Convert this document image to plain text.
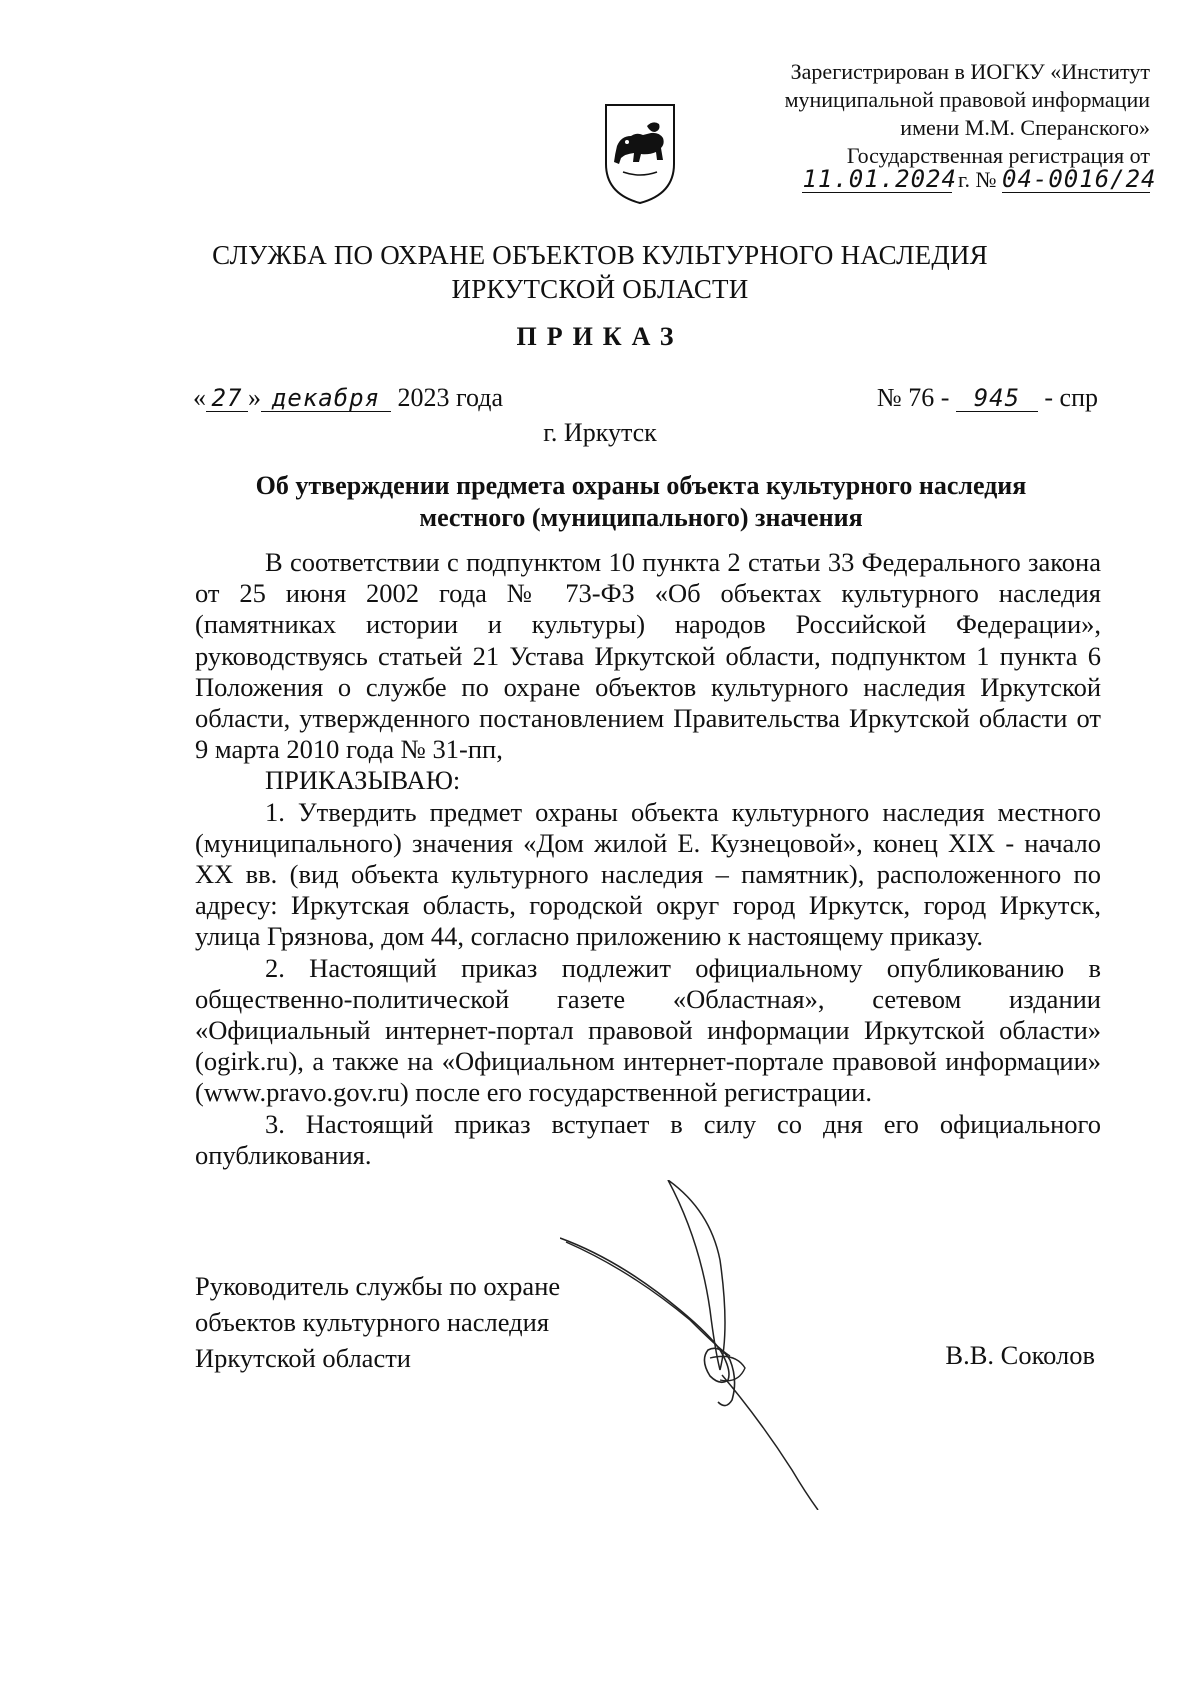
Зарегистрирован в ИОГКУ «Институт
муниципальной правовой информации
имени М.М. Сперанского»
Государственная регистрация от
11.01.2024 г. № 04-0016/24
СЛУЖБА ПО ОХРАНЕ ОБЪЕКТОВ КУЛЬТУРНОГО НАСЛЕДИЯ
ИРКУТСКОЙ ОБЛАСТИ
ПРИКАЗ
« 27 » декабря 2023 года	№ 76 - 945 - спр
г. Иркутск
Об утверждении предмета охраны объекта культурного наследия
местного (муниципального) значения

В соответствии с подпунктом 10 пункта 2 статьи 33 Федерального закона от 25 июня 2002 года № 73-ФЗ «Об объектах культурного наследия (памятниках истории и культуры) народов Российской Федерации», руководствуясь статьей 21 Устава Иркутской области, подпунктом 1 пункта 6 Положения о службе по охране объектов культурного наследия Иркутской области, утвержденного постановлением Правительства Иркутской области от 9 марта 2010 года № 31-пп,

ПРИКАЗЫВАЮ:

1. Утвердить предмет охраны объекта культурного наследия местного (муниципального) значения «Дом жилой Е. Кузнецовой», конец XIX - начало XX вв. (вид объекта культурного наследия – памятник), расположенного по адресу: Иркутская область, городской округ город Иркутск, город Иркутск, улица Грязнова, дом 44, согласно приложению к настоящему приказу.

2. Настоящий приказ подлежит официальному опубликованию в общественно-политической газете «Областная», сетевом издании «Официальный интернет-портал правовой информации Иркутской области» (ogirk.ru), а также на «Официальном интернет-портале правовой информации» (www.pravo.gov.ru) после его государственной регистрации.

3. Настоящий приказ вступает в силу со дня его официального опубликования.

Руководитель службы по охране
объектов культурного наследия
Иркутской области	В.В. Соколов
